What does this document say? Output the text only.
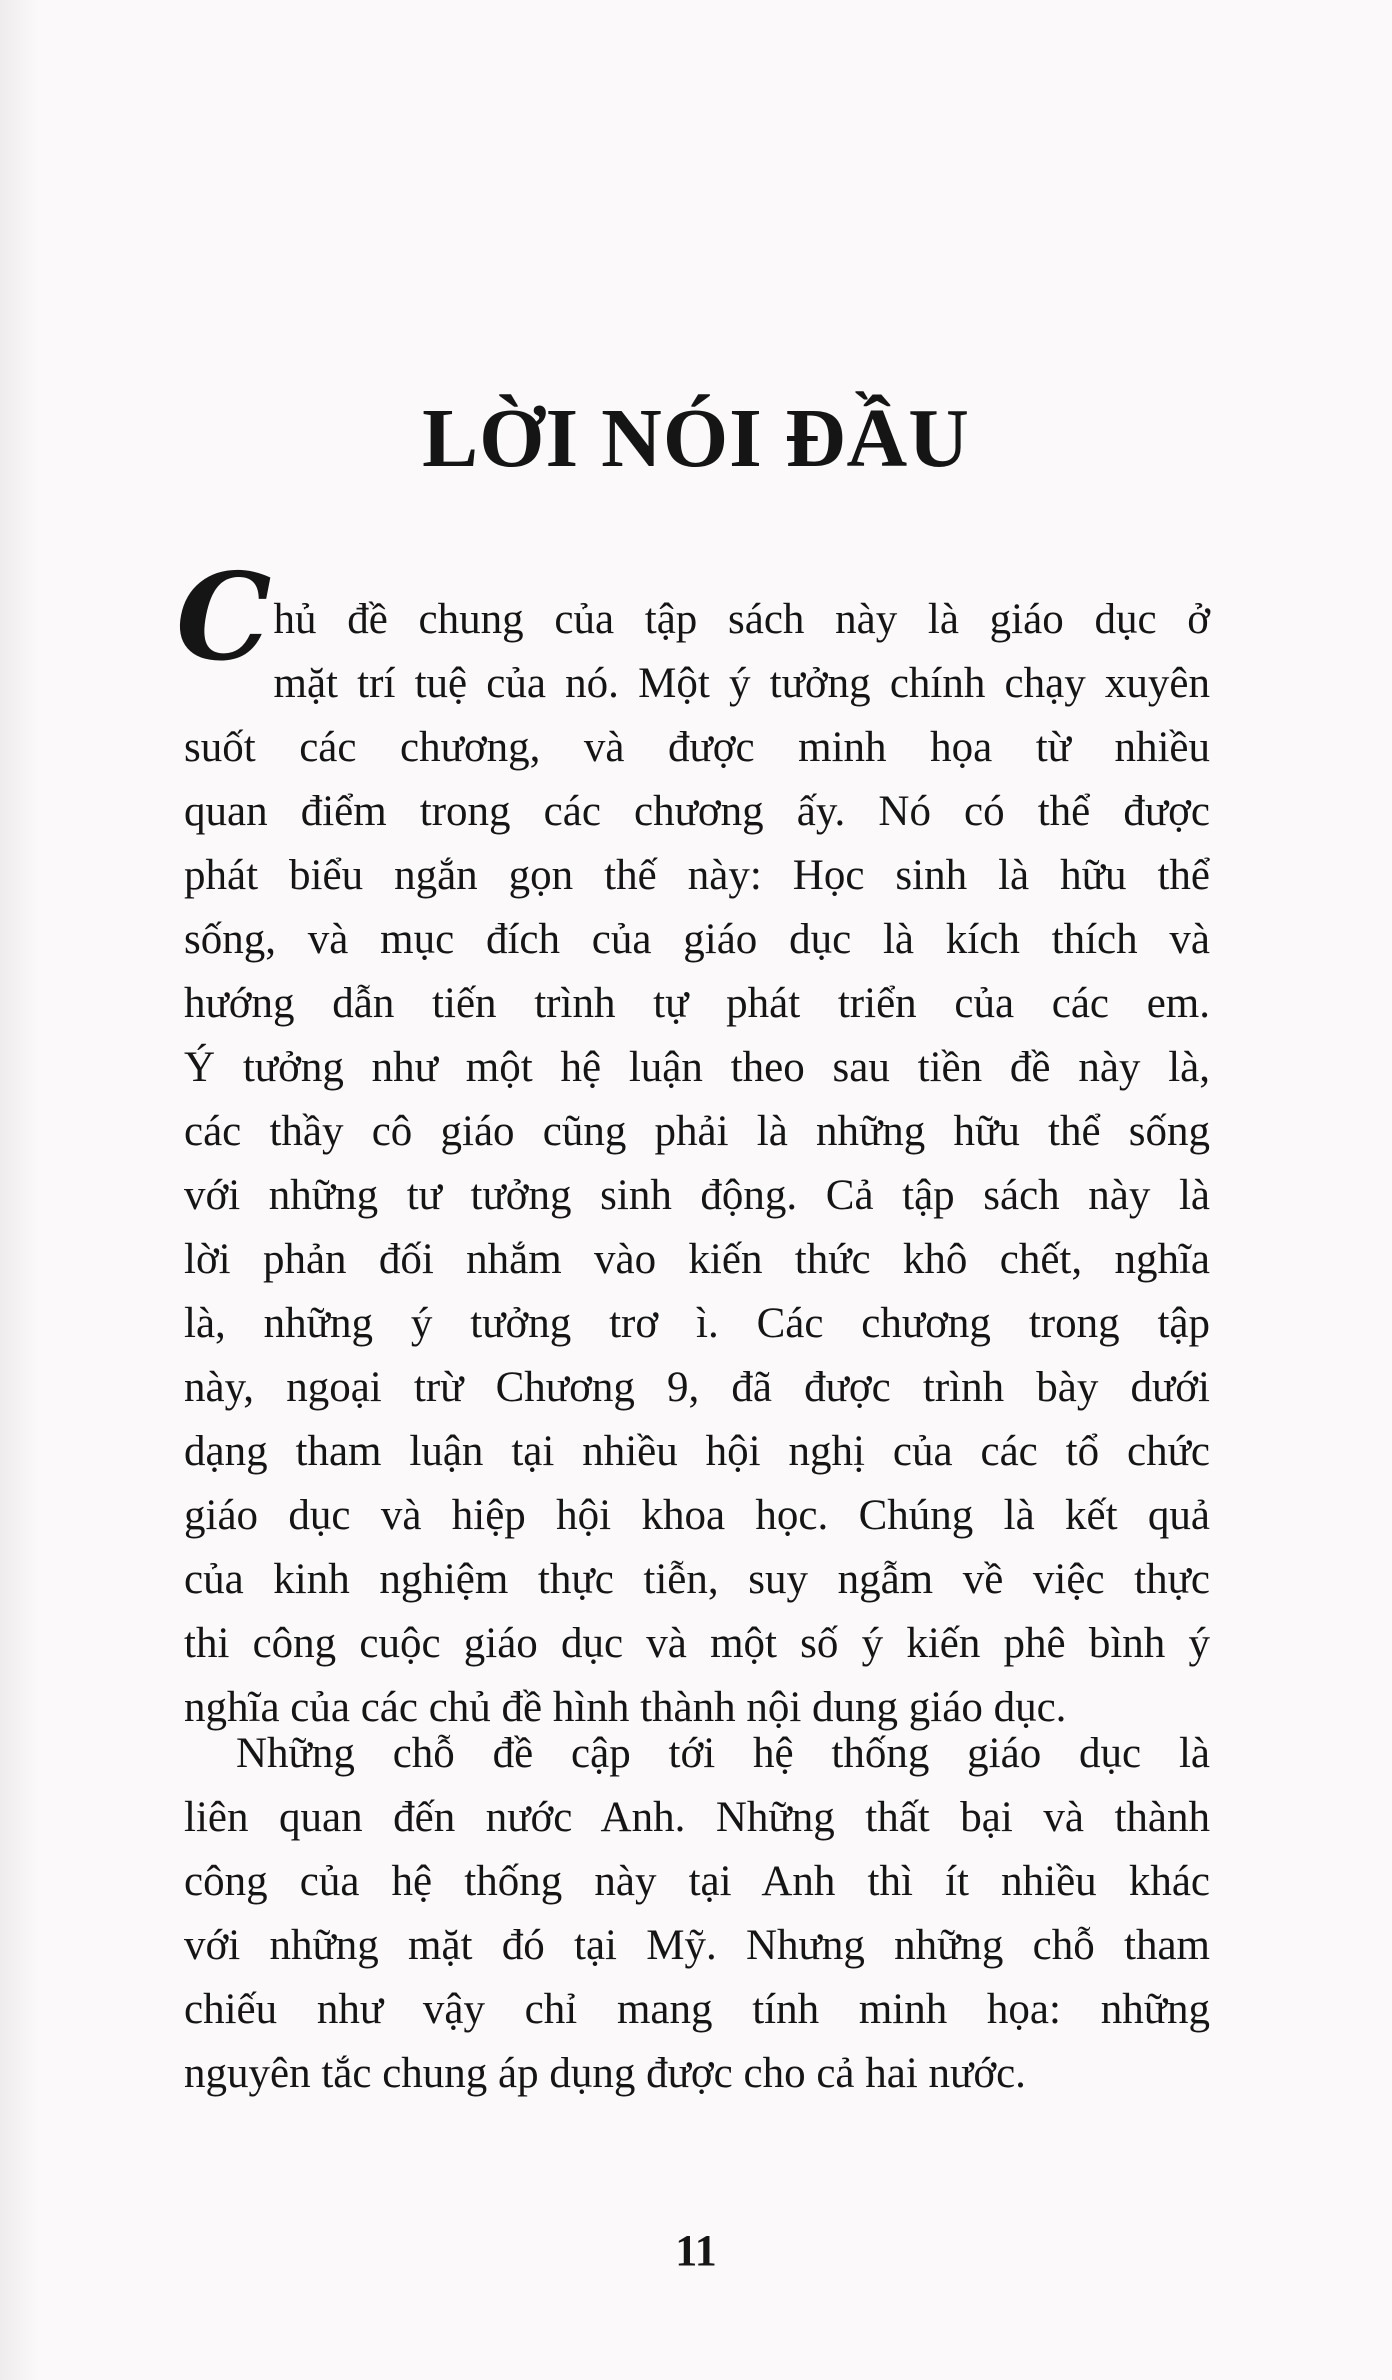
LỜI NÓI ĐẦU
Chủ đề chung của tập sách này là giáo dục ở
mặt trí tuệ của nó. Một ý tưởng chính chạy xuyên
suốt các chương, và được minh họa từ nhiều
quan điểm trong các chương ấy. Nó có thể được
phát biểu ngắn gọn thế này: Học sinh là hữu thể
sống, và mục đích của giáo dục là kích thích và
hướng dẫn tiến trình tự phát triển của các em.
Ý tưởng như một hệ luận theo sau tiền đề này là,
các thầy cô giáo cũng phải là những hữu thể sống
với những tư tưởng sinh động. Cả tập sách này là
lời phản đối nhắm vào kiến thức khô chết, nghĩa
là, những ý tưởng trơ ì. Các chương trong tập
này, ngoại trừ Chương 9, đã được trình bày dưới
dạng tham luận tại nhiều hội nghị của các tổ chức
giáo dục và hiệp hội khoa học. Chúng là kết quả
của kinh nghiệm thực tiễn, suy ngẫm về việc thực
thi công cuộc giáo dục và một số ý kiến phê bình ý
nghĩa của các chủ đề hình thành nội dung giáo dục.
Những chỗ đề cập tới hệ thống giáo dục là
liên quan đến nước Anh. Những thất bại và thành
công của hệ thống này tại Anh thì ít nhiều khác
với những mặt đó tại Mỹ. Nhưng những chỗ tham
chiếu như vậy chỉ mang tính minh họa: những
nguyên tắc chung áp dụng được cho cả hai nước.
11
